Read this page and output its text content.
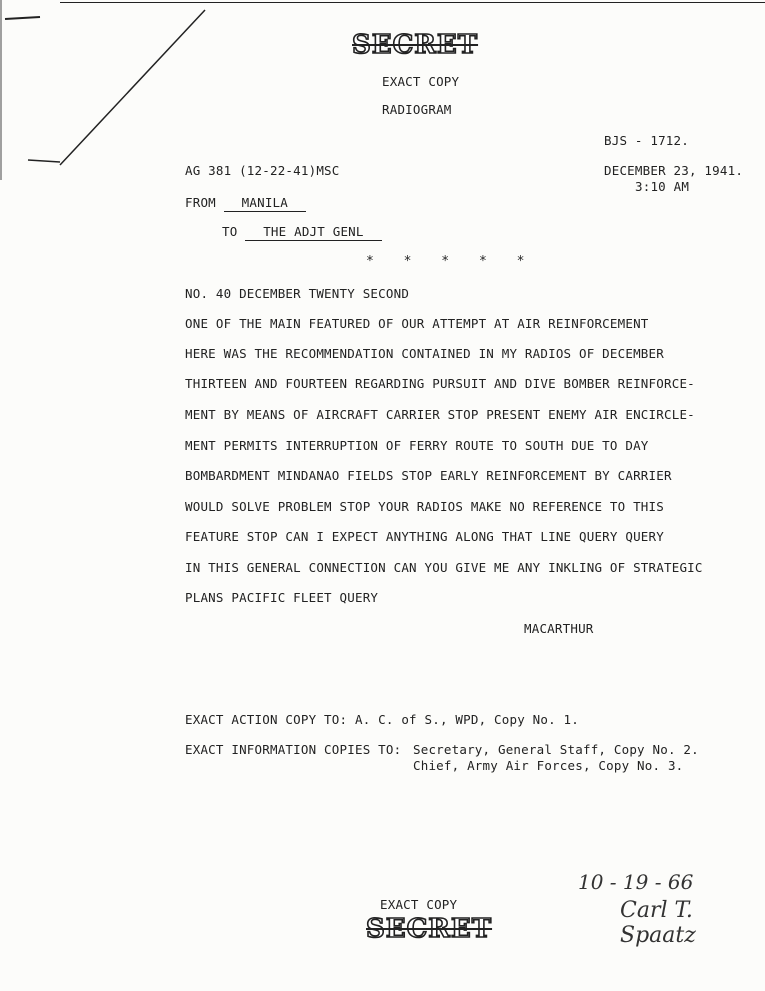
SECRET
EXACT COPY
RADIOGRAM
BJS - 1712.
AG 381 (12-22-41)MSC	DECEMBER 23, 1941.
3:10 AM
FROM MANILA
TO THE ADJT GENL
* * * * *
NO. 40 DECEMBER TWENTY SECOND
ONE OF THE MAIN FEATURED OF OUR ATTEMPT AT AIR REINFORCEMENT
HERE WAS THE RECOMMENDATION CONTAINED IN MY RADIOS OF DECEMBER
THIRTEEN AND FOURTEEN REGARDING PURSUIT AND DIVE BOMBER REINFORCE-
MENT BY MEANS OF AIRCRAFT CARRIER STOP PRESENT ENEMY AIR ENCIRCLE-
MENT PERMITS INTERRUPTION OF FERRY ROUTE TO SOUTH DUE TO DAY
BOMBARDMENT MINDANAO FIELDS STOP EARLY REINFORCEMENT BY CARRIER
WOULD SOLVE PROBLEM STOP YOUR RADIOS MAKE NO REFERENCE TO THIS
FEATURE STOP CAN I EXPECT ANYTHING ALONG THAT LINE QUERY QUERY
IN THIS GENERAL CONNECTION CAN YOU GIVE ME ANY INKLING OF STRATEGIC
PLANS PACIFIC FLEET QUERY
MACARTHUR
EXACT ACTION COPY TO: A. C. of S., WPD, Copy No. 1.
EXACT INFORMATION COPIES TO: Secretary, General Staff, Copy No. 2.
Chief, Army Air Forces, Copy No. 3.
EXACT COPY
SECRET
10 - 19 - 66
Carl T. Spaatz
